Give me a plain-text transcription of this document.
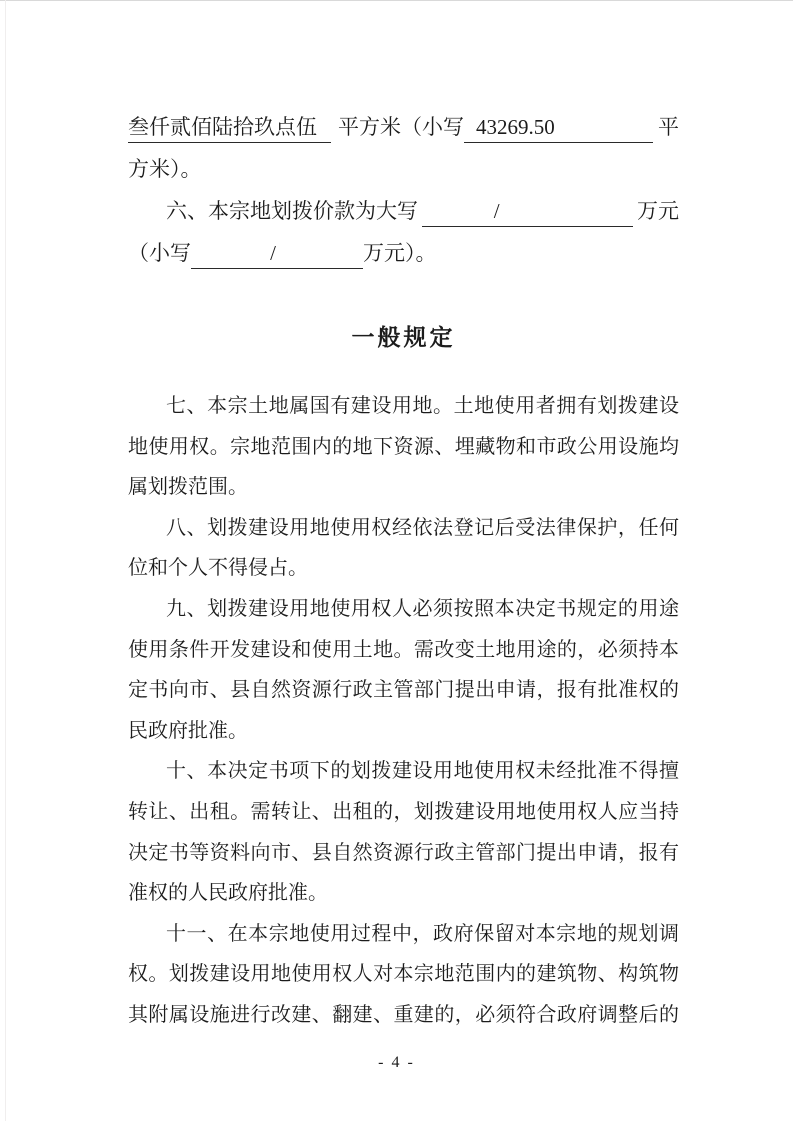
叁仟贰佰陆拾玖点伍	平方米（小写 43269.50	平
方米）。
六、本宗地划拨价款为大写	/	万元
（小写	/	万元）。
一般规定
七、本宗土地属国有建设用地。土地使用者拥有划拨建设
地使用权。宗地范围内的地下资源、埋藏物和市政公用设施均
属划拨范围。
八、划拨建设用地使用权经依法登记后受法律保护，任何
位和个人不得侵占。
九、划拨建设用地使用权人必须按照本决定书规定的用途
使用条件开发建设和使用土地。需改变土地用途的，必须持本
定书向市、县自然资源行政主管部门提出申请，报有批准权的
民政府批准。
十、本决定书项下的划拨建设用地使用权未经批准不得擅
转让、出租。需转让、出租的，划拨建设用地使用权人应当持
决定书等资料向市、县自然资源行政主管部门提出申请，报有
准权的人民政府批准。
十一、在本宗地使用过程中，政府保留对本宗地的规划调
权。划拨建设用地使用权人对本宗地范围内的建筑物、构筑物
其附属设施进行改建、翻建、重建的，必须符合政府调整后的
- 4 -
